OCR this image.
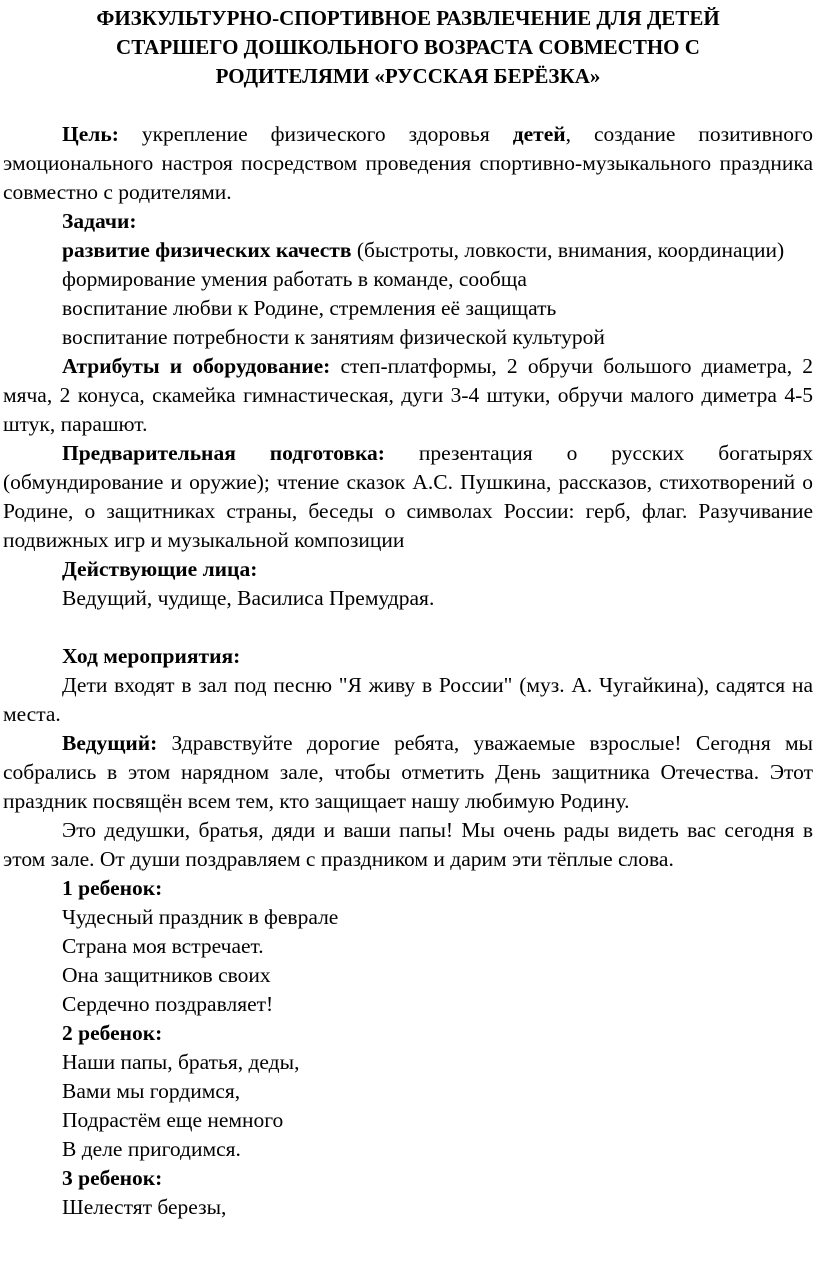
ФИЗКУЛЬТУРНО-СПОРТИВНОЕ РАЗВЛЕЧЕНИЕ ДЛЯ ДЕТЕЙ
СТАРШЕГО ДОШКОЛЬНОГО ВОЗРАСТА СОВМЕСТНО С
РОДИТЕЛЯМИ «РУССКАЯ БЕРЁЗКА»

Цель: укрепление физического здоровья детей, создание позитивного эмоционального настроя посредством проведения спортивно-музыкального праздника совместно с родителями.

Задачи:

развитие физических качеств (быстроты, ловкости, внимания, координации)

формирование умения работать в команде, сообща

воспитание любви к Родине, стремления её защищать

воспитание потребности к занятиям физической культурой

Атрибуты и оборудование: степ-платформы, 2 обручи большого диаметра, 2 мяча, 2 конуса, скамейка гимнастическая, дуги 3-4 штуки, обручи малого диметра 4-5 штук, парашют.

Предварительная подготовка: презентация о русских богатырях (обмундирование и оружие); чтение сказок А.С. Пушкина, рассказов, стихотворений о Родине, о защитниках страны, беседы о символах России: герб, флаг. Разучивание подвижных игр и музыкальной композиции

Действующие лица:

Ведущий, чудище, Василиса Премудрая.

Ход мероприятия:

Дети входят в зал под песню "Я живу в России" (муз. А. Чугайкина), садятся на места.

Ведущий: Здравствуйте дорогие ребята, уважаемые взрослые! Сегодня мы собрались в этом нарядном зале, чтобы отметить День защитника Отечества. Этот праздник посвящён всем тем, кто защищает нашу любимую Родину.

Это дедушки, братья, дяди и ваши папы! Мы очень рады видеть вас сегодня в этом зале. От души поздравляем с праздником и дарим эти тёплые слова.

1 ребенок:

Чудесный праздник в феврале

Страна моя встречает.

Она защитников своих

Сердечно поздравляет!

2 ребенок:

Наши папы, братья, деды,

Вами мы гордимся,

Подрастём еще немного

В деле пригодимся.

3 ребенок:

Шелестят березы,
